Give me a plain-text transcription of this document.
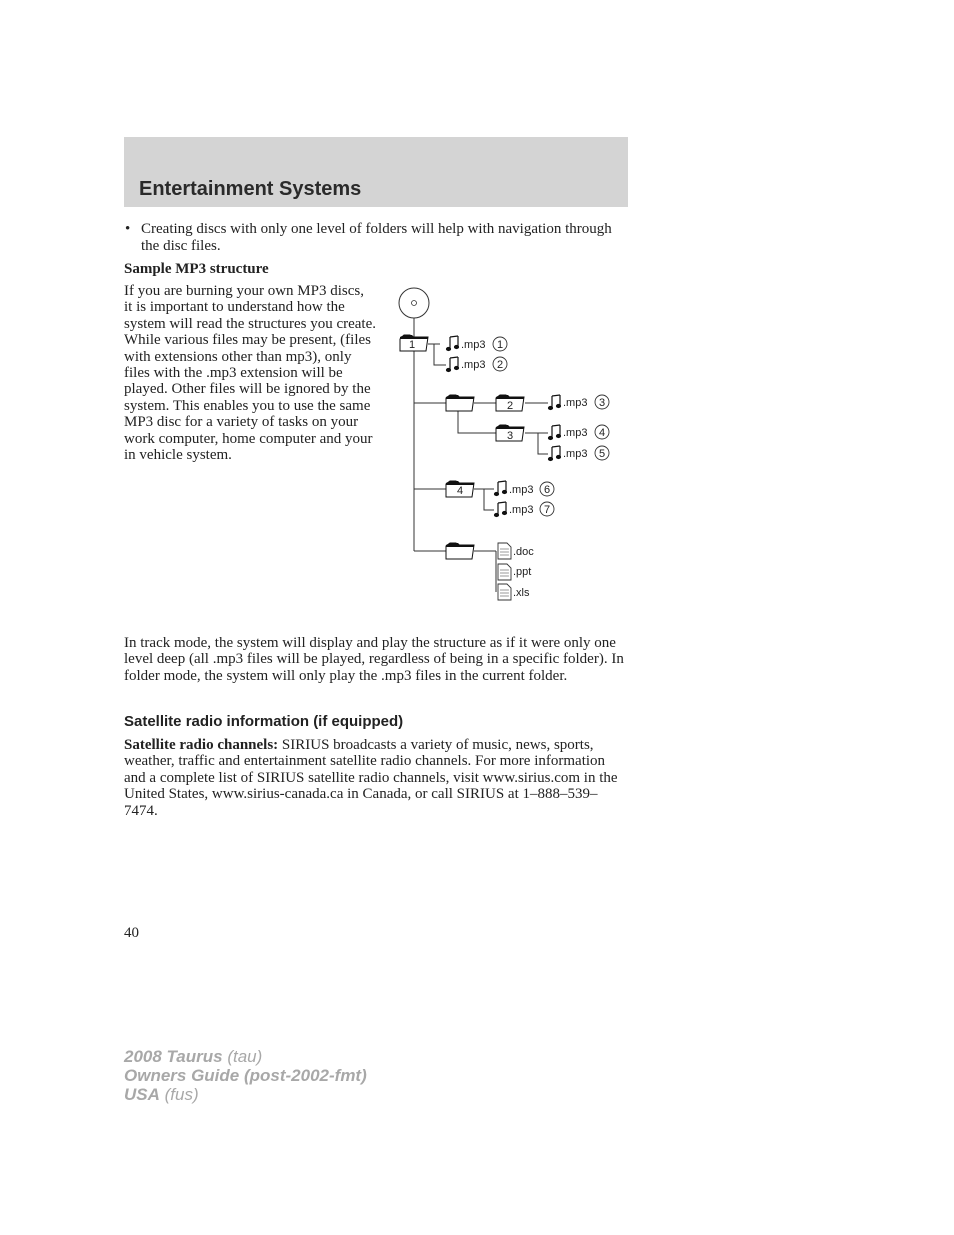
Entertainment Systems
• Creating discs with only one level of folders will help with navigation through the disc files.
Sample MP3 structure
If you are burning your own MP3 discs, it is important to understand how the system will read the structures you create. While various files may be present, (files with extensions other than mp3), only files with the .mp3 extension will be played. Other files will be ignored by the system. This enables you to use the same MP3 disc for a variety of tasks on your work computer, home computer and your in vehicle system.
1
2
3
4
.mp3
.mp3
.mp3
.mp3
.mp3
.mp3
.mp3
1
2
3
4
5
6
7
.doc
.ppt
.xls
In track mode, the system will display and play the structure as if it were only one level deep (all .mp3 files will be played, regardless of being in a specific folder). In folder mode, the system will only play the .mp3 files in the current folder.
Satellite radio information (if equipped)
Satellite radio channels: SIRIUS broadcasts a variety of music, news, sports, weather, traffic and entertainment satellite radio channels. For more information and a complete list of SIRIUS satellite radio channels, visit www.sirius.com in the United States, www.sirius-canada.ca in Canada, or call SIRIUS at 1–888–539–7474.
40
2008 Taurus (tau)
Owners Guide (post-2002-fmt)
USA (fus)
